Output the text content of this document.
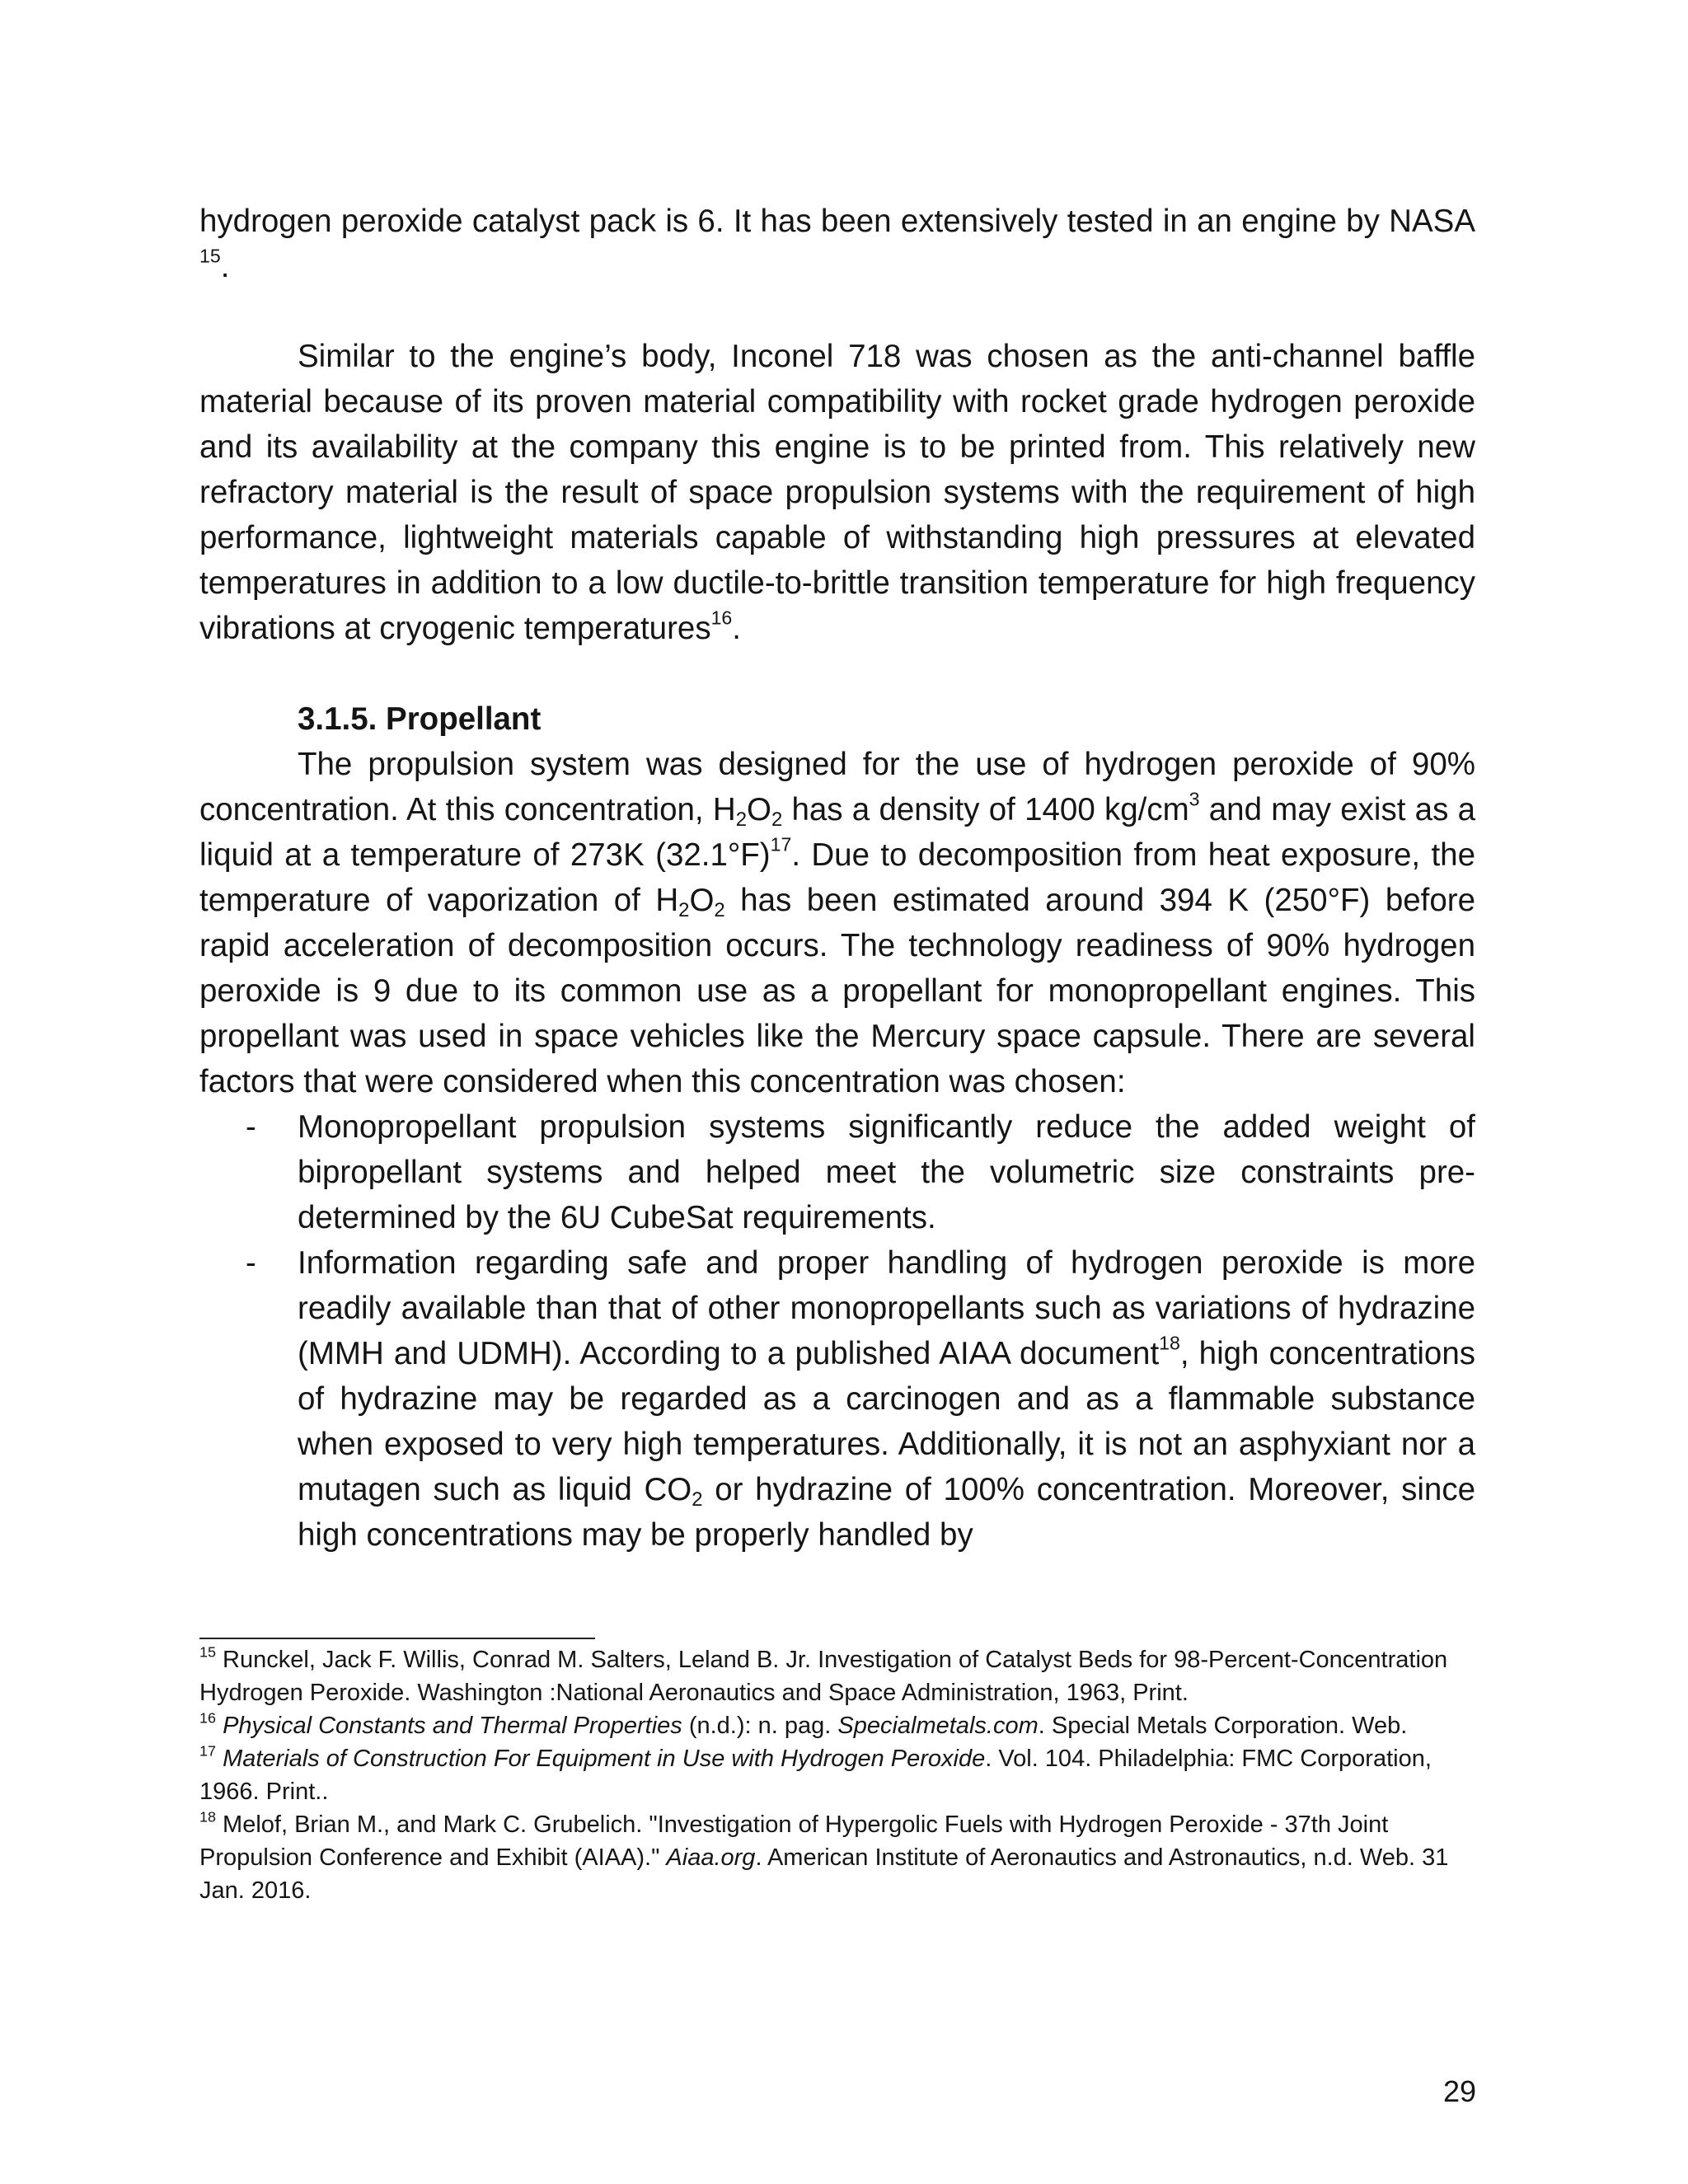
hydrogen peroxide catalyst pack is 6. It has been extensively tested in an engine by NASA $^{15}$.

Similar to the engine’s body, Inconel 718 was chosen as the anti-channel baffle material because of its proven material compatibility with rocket grade hydrogen peroxide and its availability at the company this engine is to be printed from. This relatively new refractory material is the result of space propulsion systems with the requirement of high performance, lightweight materials capable of withstanding high pressures at elevated temperatures in addition to a low ductile-to-brittle transition temperature for high frequency vibrations at cryogenic temperatures$^{16}$.

3.1.5. Propellant

The propulsion system was designed for the use of hydrogen peroxide of 90% concentration. At this concentration, $H_2O_2$ has a density of 1400 $kg/cm^3$ and may exist as a liquid at a temperature of 273K $(32.1^\circ F)^{17}$. Due to decomposition from heat exposure, the temperature of vaporization of $H_2O_2$ has been estimated around 394 K (250°F) before rapid acceleration of decomposition occurs. The technology readiness of 90% hydrogen peroxide is 9 due to its common use as a propellant for monopropellant engines. This propellant was used in space vehicles like the Mercury space capsule. There are several factors that were considered when this concentration was chosen:

- Monopropellant propulsion systems significantly reduce the added weight of bipropellant systems and helped meet the volumetric size constraints pre-determined by the 6U CubeSat requirements.
- Information regarding safe and proper handling of hydrogen peroxide is more readily available than that of other monopropellants such as variations of hydrazine (MMH and UDMH). According to a published AIAA document$^{18}$, high concentrations of hydrazine may be regarded as a carcinogen and as a flammable substance when exposed to very high temperatures. Additionally, it is not an asphyxiant nor a mutagen such as liquid $CO_2$ or hydrazine of 100% concentration. Moreover, since high concentrations may be properly handled by

$^{15}$ Runckel, Jack F. Willis, Conrad M. Salters, Leland B. Jr. Investigation of Catalyst Beds for 98-Percent-Concentration Hydrogen Peroxide. Washington :National Aeronautics and Space Administration, 1963, Print.

$^{16}$ Physical Constants and Thermal Properties (n.d.): n. pag. Specialmetals.com. Special Metals Corporation. Web.

$^{17}$ Materials of Construction For Equipment in Use with Hydrogen Peroxide. Vol. 104. Philadelphia: FMC Corporation, 1966. Print..

$^{18}$ Melof, Brian M., and Mark C. Grubelich. "Investigation of Hypergolic Fuels with Hydrogen Peroxide - 37th Joint Propulsion Conference and Exhibit (AIAA)." Aiaa.org. American Institute of Aeronautics and Astronautics, n.d. Web. 31 Jan. 2016.

29
